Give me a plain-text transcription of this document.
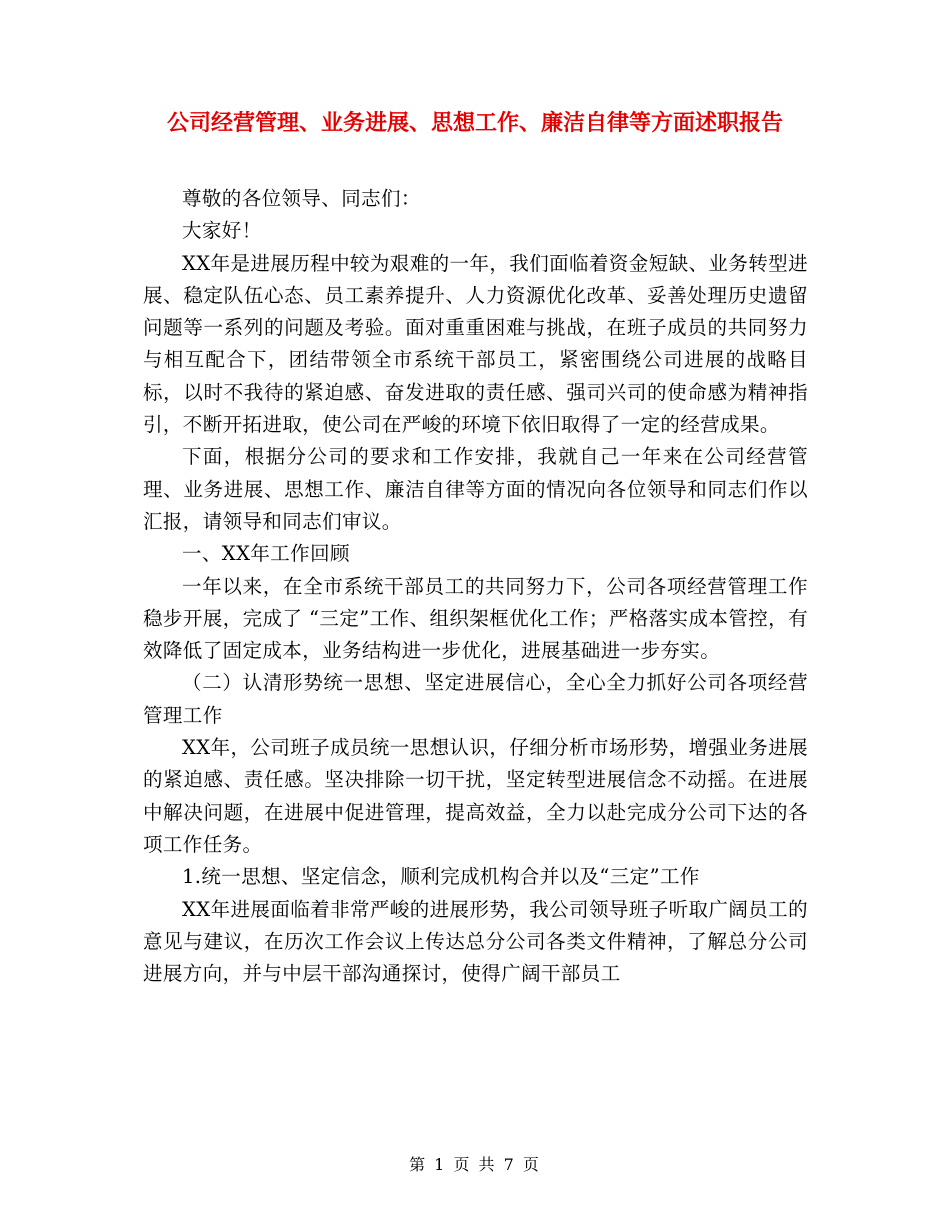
公司经营管理、业务进展、思想工作、廉洁自律等方面述职报告

尊敬的各位领导、同志们：

大家好！

XX年是进展历程中较为艰难的一年，我们面临着资金短缺、业务转型进展、稳定队伍心态、员工素养提升、人力资源优化改革、妥善处理历史遗留问题等一系列的问题及考验。面对重重困难与挑战，在班子成员的共同努力与相互配合下，团结带领全市系统干部员工，紧密围绕公司进展的战略目标，以时不我待的紧迫感、奋发进取的责任感、强司兴司的使命感为精神指引，不断开拓进取，使公司在严峻的环境下依旧取得了一定的经营成果。

下面，根据分公司的要求和工作安排，我就自己一年来在公司经营管理、业务进展、思想工作、廉洁自律等方面的情况向各位领导和同志们作以汇报，请领导和同志们审议。

一、XX年工作回顾

一年以来，在全市系统干部员工的共同努力下，公司各项经营管理工作稳步开展，完成了 “三定”工作、组织架框优化工作；严格落实成本管控，有效降低了固定成本，业务结构进一步优化，进展基础进一步夯实。

（二）认清形势统一思想、坚定进展信心，全心全力抓好公司各项经营管理工作

XX年，公司班子成员统一思想认识，仔细分析市场形势，增强业务进展的紧迫感、责任感。坚决排除一切干扰，坚定转型进展信念不动摇。在进展中解决问题，在进展中促进管理，提高效益，全力以赴完成分公司下达的各项工作任务。

1.统一思想、坚定信念，顺利完成机构合并以及“三定”工作

XX年进展面临着非常严峻的进展形势，我公司领导班子听取广阔员工的意见与建议，在历次工作会议上传达总分公司各类文件精神，了解总分公司进展方向，并与中层干部沟通探讨，使得广阔干部员工

第 1 页 共 7 页
